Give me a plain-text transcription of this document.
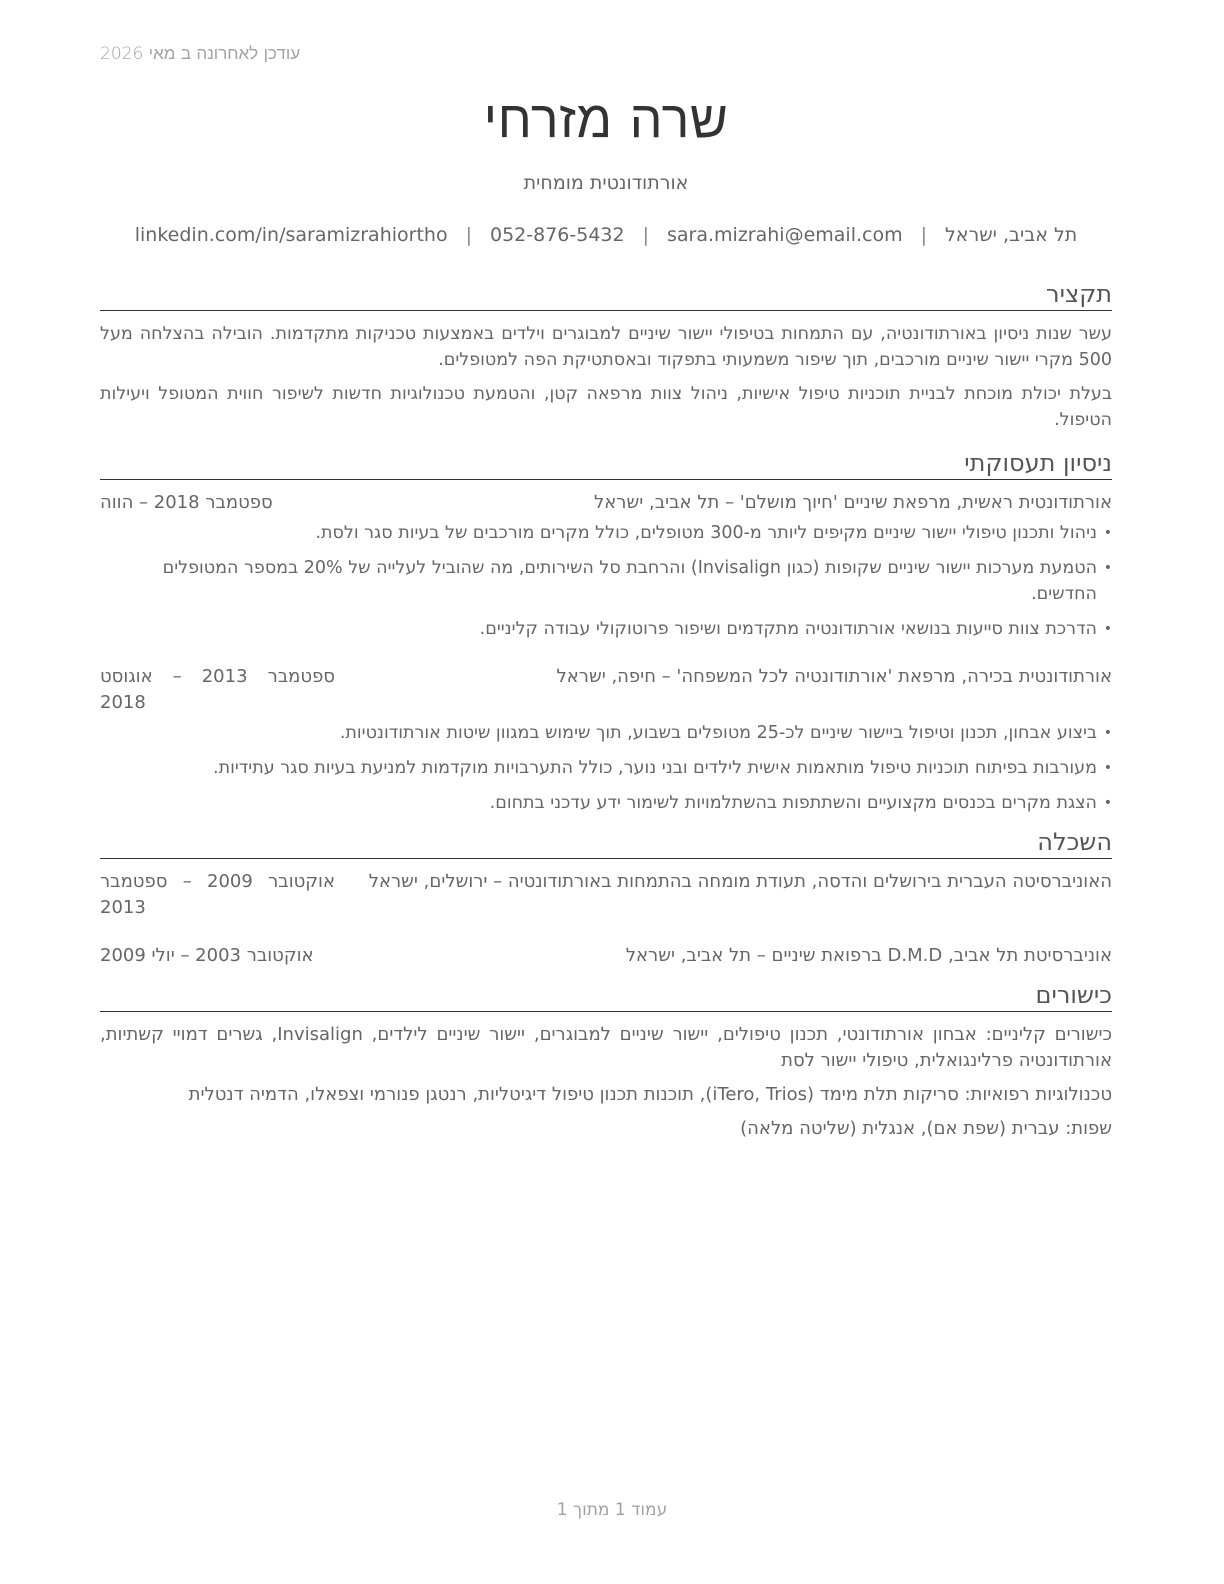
עודכן לאחרונה ב מאי 2026
שרה מזרחי
אורתודונטית מומחית
תל אביב, ישראל
|
sara.mizrahi@email.com
|
052-876-5432
|
linkedin.com/in/saramizrahiortho
תקציר

עשר שנות ניסיון באורתודונטיה, עם התמחות בטיפולי יישור שיניים למבוגרים וילדים באמצעות טכניקות מתקדמות. הובילה בהצלחה מעל 500 מקרי יישור שיניים מורכבים, תוך שיפור משמעותי בתפקוד ובאסתטיקת הפה למטופלים.

בעלת יכולת מוכחת לבניית תוכניות טיפול אישיות, ניהול צוות מרפאה קטן, והטמעת טכנולוגיות חדשות לשיפור חווית המטופל ויעילות הטיפול.

ניסיון תעסוקתי
אורתודונטית ראשית, מרפאת שיניים 'חיוך מושלם' – תל אביב, ישראל
ספטמבר 2018 – הווה
• ניהול ותכנון טיפולי יישור שיניים מקיפים ליותר מ-300 מטופלים, כולל מקרים מורכבים של בעיות סגר ולסת.
• הטמעת מערכות יישור שיניים שקופות (כגון Invisalign) והרחבת סל השירותים, מה שהוביל לעלייה של 20% במספר המטופלים החדשים.
• הדרכת צוות סייעות בנושאי אורתודונטיה מתקדמים ושיפור פרוטוקולי עבודה קליניים.
אורתודונטית בכירה, מרפאת 'אורתודונטיה לכל המשפחה' – חיפה, ישראל
ספטמבר 2013 – אוגוסט 2018
• ביצוע אבחון, תכנון וטיפול ביישור שיניים לכ-25 מטופלים בשבוע, תוך שימוש במגוון שיטות אורתודונטיות.
• מעורבות בפיתוח תוכניות טיפול מותאמות אישית לילדים ובני נוער, כולל התערבויות מוקדמות למניעת בעיות סגר עתידיות.
• הצגת מקרים בכנסים מקצועיים והשתתפות בהשתלמויות לשימור ידע עדכני בתחום.
השכלה
האוניברסיטה העברית בירושלים והדסה, תעודת מומחה בהתמחות באורתודונטיה – ירושלים, ישראל
אוקטובר 2009 – ספטמבר 2013
אוניברסיטת תל אביב, D.M.D ברפואת שיניים – תל אביב, ישראל
אוקטובר 2003 – יולי 2009
כישורים

כישורים קליניים: אבחון אורתודונטי, תכנון טיפולים, יישור שיניים למבוגרים, יישור שיניים לילדים, Invisalign, גשרים דמויי קשתיות, אורתודונטיה פרלינגואלית, טיפולי יישור לסת

טכנולוגיות רפואיות: סריקות תלת מימד (iTero, Trios), תוכנות תכנון טיפול דיגיטליות, רנטגן פנורמי וצפאלו, הדמיה דנטלית

שפות: עברית (שפת אם), אנגלית (שליטה מלאה)

עמוד 1 מתוך 1
